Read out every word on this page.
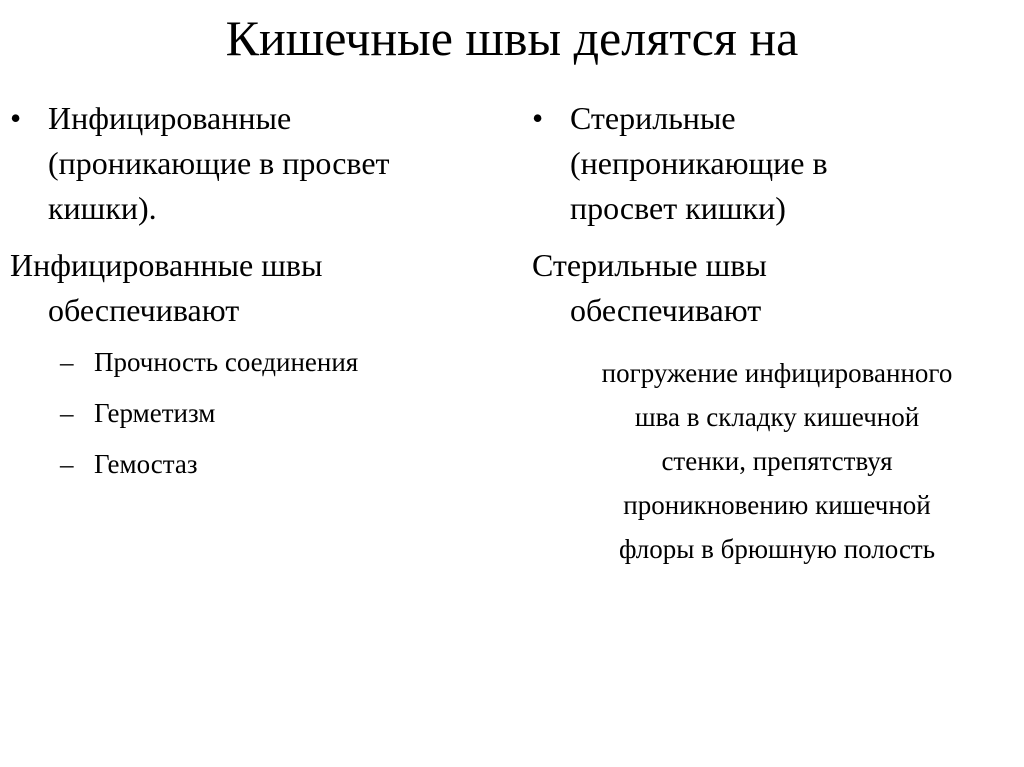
Кишечные швы делятся на
• Инфицированные
(проникающие в просвет
кишки).
Инфицированные швы
обеспечивают
– Прочность соединения
– Герметизм
– Гемостаз
• Стерильные
(непроникающие в
просвет кишки)
Стерильные швы
обеспечивают
погружение инфицированного
шва в складку кишечной
стенки, препятствуя
проникновению кишечной
флоры в брюшную полость
